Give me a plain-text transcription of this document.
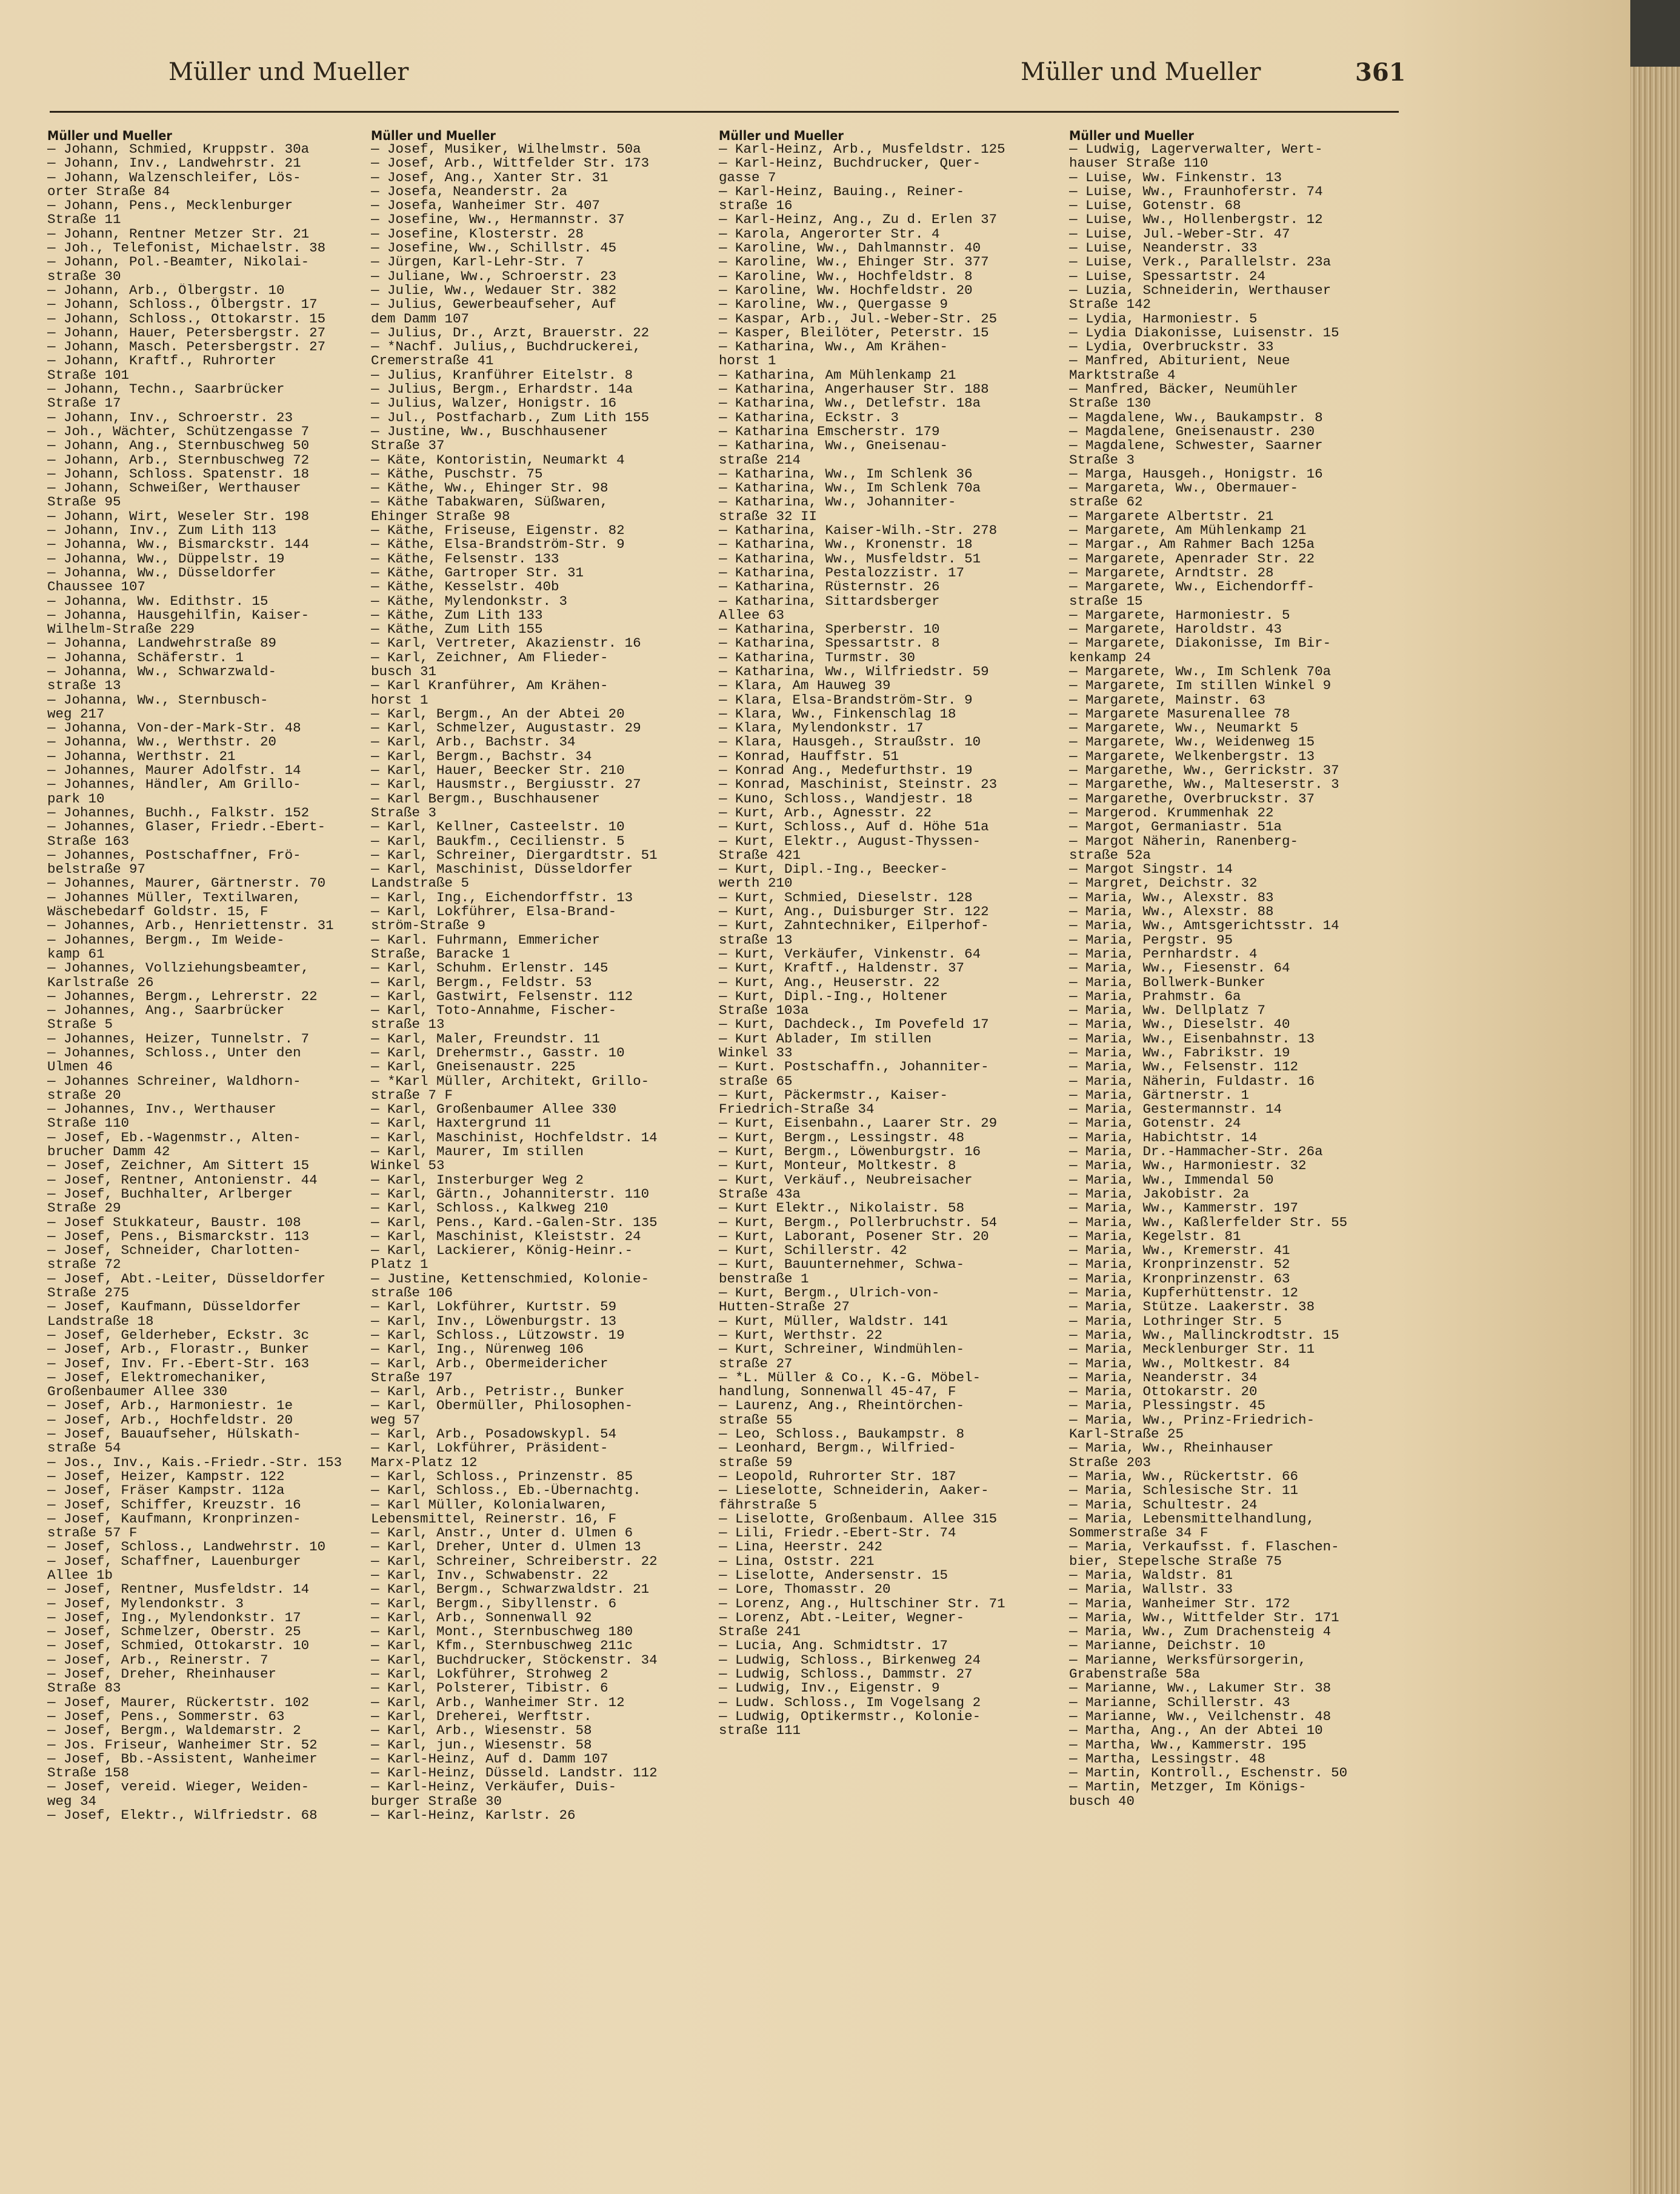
Müller und Mueller	Müller und Mueller	361
Müller und Mueller
— Johann, Schmied, Kruppstr. 30a
— Johann, Inv., Landwehrstr. 21
— Johann, Walzenschleifer, Lös-
orter Straße 84
— Johann, Pens., Mecklenburger
Straße 11
— Johann, Rentner Metzer Str. 21
— Joh., Telefonist, Michaelstr. 38
— Johann, Pol.-Beamter, Nikolai-
straße 30
— Johann, Arb., Ölbergstr. 10
— Johann, Schloss., Ölbergstr. 17
— Johann, Schloss., Ottokarstr. 15
— Johann, Hauer, Petersbergstr. 27
— Johann, Masch. Petersbergstr. 27
— Johann, Kraftf., Ruhrorter
Straße 101
— Johann, Techn., Saarbrücker
Straße 17
— Johann, Inv., Schroerstr. 23
— Joh., Wächter, Schützengasse 7
— Johann, Ang., Sternbuschweg 50
— Johann, Arb., Sternbuschweg 72
— Johann, Schloss. Spatenstr. 18
— Johann, Schweißer, Werthauser
Straße 95
— Johann, Wirt, Weseler Str. 198
— Johann, Inv., Zum Lith 113
— Johanna, Ww., Bismarckstr. 144
— Johanna, Ww., Düppelstr. 19
— Johanna, Ww., Düsseldorfer
Chaussee 107
— Johanna, Ww. Edithstr. 15
— Johanna, Hausgehilfin, Kaiser-
Wilhelm-Straße 229
— Johanna, Landwehrstraße 89
— Johanna, Schäferstr. 1
— Johanna, Ww., Schwarzwald-
straße 13
— Johanna, Ww., Sternbusch-
weg 217
— Johanna, Von-der-Mark-Str. 48
— Johanna, Ww., Werthstr. 20
— Johanna, Werthstr. 21
— Johannes, Maurer Adolfstr. 14
— Johannes, Händler, Am Grillo-
park 10
— Johannes, Buchh., Falkstr. 152
— Johannes, Glaser, Friedr.-Ebert-
Straße 163
— Johannes, Postschaffner, Frö-
belstraße 97
— Johannes, Maurer, Gärtnerstr. 70
— Johannes Müller, Textilwaren,
Wäschebedarf Goldstr. 15, F
— Johannes, Arb., Henriettenstr. 31
— Johannes, Bergm., Im Weide-
kamp 61
— Johannes, Vollziehungsbeamter,
Karlstraße 26
— Johannes, Bergm., Lehrerstr. 22
— Johannes, Ang., Saarbrücker
Straße 5
— Johannes, Heizer, Tunnelstr. 7
— Johannes, Schloss., Unter den
Ulmen 46
— Johannes Schreiner, Waldhorn-
straße 20
— Johannes, Inv., Werthauser
Straße 110
— Josef, Eb.-Wagenmstr., Alten-
brucher Damm 42
— Josef, Zeichner, Am Sittert 15
— Josef, Rentner, Antonienstr. 44
— Josef, Buchhalter, Arlberger
Straße 29
— Josef Stukkateur, Baustr. 108
— Josef, Pens., Bismarckstr. 113
— Josef, Schneider, Charlotten-
straße 72
— Josef, Abt.-Leiter, Düsseldorfer
Straße 275
— Josef, Kaufmann, Düsseldorfer
Landstraße 18
— Josef, Gelderheber, Eckstr. 3c
— Josef, Arb., Florastr., Bunker
— Josef, Inv. Fr.-Ebert-Str. 163
— Josef, Elektromechaniker,
Großenbaumer Allee 330
— Josef, Arb., Harmoniestr. 1e
— Josef, Arb., Hochfeldstr. 20
— Josef, Bauaufseher, Hülskath-
straße 54
— Jos., Inv., Kais.-Friedr.-Str. 153
— Josef, Heizer, Kampstr. 122
— Josef, Fräser Kampstr. 112a
— Josef, Schiffer, Kreuzstr. 16
— Josef, Kaufmann, Kronprinzen-
straße 57 F
— Josef, Schloss., Landwehrstr. 10
— Josef, Schaffner, Lauenburger
Allee 1b
— Josef, Rentner, Musfeldstr. 14
— Josef, Mylendonkstr. 3
— Josef, Ing., Mylendonkstr. 17
— Josef, Schmelzer, Oberstr. 25
— Josef, Schmied, Ottokarstr. 10
— Josef, Arb., Reinerstr. 7
— Josef, Dreher, Rheinhauser
Straße 83
— Josef, Maurer, Rückertstr. 102
— Josef, Pens., Sommerstr. 63
— Josef, Bergm., Waldemarstr. 2
— Jos. Friseur, Wanheimer Str. 52
— Josef, Bb.-Assistent, Wanheimer
Straße 158
— Josef, vereid. Wieger, Weiden-
weg 34
— Josef, Elektr., Wilfriedstr. 68
Müller und Mueller
— Josef, Musiker, Wilhelmstr. 50a
— Josef, Arb., Wittfelder Str. 173
— Josef, Ang., Xanter Str. 31
— Josefa, Neanderstr. 2a
— Josefa, Wanheimer Str. 407
— Josefine, Ww., Hermannstr. 37
— Josefine, Klosterstr. 28
— Josefine, Ww., Schillstr. 45
— Jürgen, Karl-Lehr-Str. 7
— Juliane, Ww., Schroerstr. 23
— Julie, Ww., Wedauer Str. 382
— Julius, Gewerbeaufseher, Auf
dem Damm 107
— Julius, Dr., Arzt, Brauerstr. 22
— *Nachf. Julius,, Buchdruckerei,
Cremerstraße 41
— Julius, Kranführer Eitelstr. 8
— Julius, Bergm., Erhardstr. 14a
— Julius, Walzer, Honigstr. 16
— Jul., Postfacharb., Zum Lith 155
— Justine, Ww., Buschhausener
Straße 37
— Käte, Kontoristin, Neumarkt 4
— Käthe, Puschstr. 75
— Käthe, Ww., Ehinger Str. 98
— Käthe Tabakwaren, Süßwaren,
Ehinger Straße 98
— Käthe, Friseuse, Eigenstr. 82
— Käthe, Elsa-Brandström-Str. 9
— Käthe, Felsenstr. 133
— Käthe, Gartroper Str. 31
— Käthe, Kesselstr. 40b
— Käthe, Mylendonkstr. 3
— Käthe, Zum Lith 133
— Käthe, Zum Lith 155
— Karl, Vertreter, Akazienstr. 16
— Karl, Zeichner, Am Flieder-
busch 31
— Karl Kranführer, Am Krähen-
horst 1
— Karl, Bergm., An der Abtei 20
— Karl, Schmelzer, Augustastr. 29
— Karl, Arb., Bachstr. 34
— Karl, Bergm., Bachstr. 34
— Karl, Hauer, Beecker Str. 210
— Karl, Hausmstr., Bergiusstr. 27
— Karl Bergm., Buschhausener
Straße 3
— Karl, Kellner, Casteelstr. 10
— Karl, Baukfm., Cecilienstr. 5
— Karl, Schreiner, Diergardtstr. 51
— Karl, Maschinist, Düsseldorfer
Landstraße 5
— Karl, Ing., Eichendorffstr. 13
— Karl, Lokführer, Elsa-Brand-
ström-Straße 9
— Karl. Fuhrmann, Emmericher
Straße, Baracke 1
— Karl, Schuhm. Erlenstr. 145
— Karl, Bergm., Feldstr. 53
— Karl, Gastwirt, Felsenstr. 112
— Karl, Toto-Annahme, Fischer-
straße 13
— Karl, Maler, Freundstr. 11
— Karl, Drehermstr., Gasstr. 10
— Karl, Gneisenaustr. 225
— *Karl Müller, Architekt, Grillo-
straße 7 F
— Karl, Großenbaumer Allee 330
— Karl, Haxtergrund 11
— Karl, Maschinist, Hochfeldstr. 14
— Karl, Maurer, Im stillen
Winkel 53
— Karl, Insterburger Weg 2
— Karl, Gärtn., Johanniterstr. 110
— Karl, Schloss., Kalkweg 210
— Karl, Pens., Kard.-Galen-Str. 135
— Karl, Maschinist, Kleiststr. 24
— Karl, Lackierer, König-Heinr.-
Platz 1
— Justine, Kettenschmied, Kolonie-
straße 106
— Karl, Lokführer, Kurtstr. 59
— Karl, Inv., Löwenburgstr. 13
— Karl, Schloss., Lützowstr. 19
— Karl, Ing., Nürenweg 106
— Karl, Arb., Obermeidericher
Straße 197
— Karl, Arb., Petristr., Bunker
— Karl, Obermüller, Philosophen-
weg 57
— Karl, Arb., Posadowskypl. 54
— Karl, Lokführer, Präsident-
Marx-Platz 12
— Karl, Schloss., Prinzenstr. 85
— Karl, Schloss., Eb.-Übernachtg.
— Karl Müller, Kolonialwaren,
Lebensmittel, Reinerstr. 16, F
— Karl, Anstr., Unter d. Ulmen 6
— Karl, Dreher, Unter d. Ulmen 13
— Karl, Schreiner, Schreiberstr. 22
— Karl, Inv., Schwabenstr. 22
— Karl, Bergm., Schwarzwaldstr. 21
— Karl, Bergm., Sibyllenstr. 6
— Karl, Arb., Sonnenwall 92
— Karl, Mont., Sternbuschweg 180
— Karl, Kfm., Sternbuschweg 211c
— Karl, Buchdrucker, Stöckenstr. 34
— Karl, Lokführer, Strohweg 2
— Karl, Polsterer, Tibistr. 6
— Karl, Arb., Wanheimer Str. 12
— Karl, Dreherei, Werftstr.
— Karl, Arb., Wiesenstr. 58
— Karl, jun., Wiesenstr. 58
— Karl-Heinz, Auf d. Damm 107
— Karl-Heinz, Düsseld. Landstr. 112
— Karl-Heinz, Verkäufer, Duis-
burger Straße 30
— Karl-Heinz, Karlstr. 26
Müller und Mueller
— Karl-Heinz, Arb., Musfeldstr. 125
— Karl-Heinz, Buchdrucker, Quer-
gasse 7
— Karl-Heinz, Bauing., Reiner-
straße 16
— Karl-Heinz, Ang., Zu d. Erlen 37
— Karola, Angerorter Str. 4
— Karoline, Ww., Dahlmannstr. 40
— Karoline, Ww., Ehinger Str. 377
— Karoline, Ww., Hochfeldstr. 8
— Karoline, Ww. Hochfeldstr. 20
— Karoline, Ww., Quergasse 9
— Kaspar, Arb., Jul.-Weber-Str. 25
— Kasper, Bleilöter, Peterstr. 15
— Katharina, Ww., Am Krähen-
horst 1
— Katharina, Am Mühlenkamp 21
— Katharina, Angerhauser Str. 188
— Katharina, Ww., Detlefstr. 18a
— Katharina, Eckstr. 3
— Katharina Emscherstr. 179
— Katharina, Ww., Gneisenau-
straße 214
— Katharina, Ww., Im Schlenk 36
— Katharina, Ww., Im Schlenk 70a
— Katharina, Ww., Johanniter-
straße 32 II
— Katharina, Kaiser-Wilh.-Str. 278
— Katharina, Ww., Kronenstr. 18
— Katharina, Ww., Musfeldstr. 51
— Katharina, Pestalozzistr. 17
— Katharina, Rüsternstr. 26
— Katharina, Sittardsberger
Allee 63
— Katharina, Sperberstr. 10
— Katharina, Spessartstr. 8
— Katharina, Turmstr. 30
— Katharina, Ww., Wilfriedstr. 59
— Klara, Am Hauweg 39
— Klara, Elsa-Brandström-Str. 9
— Klara, Ww., Finkenschlag 18
— Klara, Mylendonkstr. 17
— Klara, Hausgeh., Straußstr. 10
— Konrad, Hauffstr. 51
— Konrad Ang., Medefurthstr. 19
— Konrad, Maschinist, Steinstr. 23
— Kuno, Schloss., Wandjestr. 18
— Kurt, Arb., Agnesstr. 22
— Kurt, Schloss., Auf d. Höhe 51a
— Kurt, Elektr., August-Thyssen-
Straße 421
— Kurt, Dipl.-Ing., Beecker-
werth 210
— Kurt, Schmied, Dieselstr. 128
— Kurt, Ang., Duisburger Str. 122
— Kurt, Zahntechniker, Eilperhof-
straße 13
— Kurt, Verkäufer, Vinkenstr. 64
— Kurt, Kraftf., Haldenstr. 37
— Kurt, Ang., Heuserstr. 22
— Kurt, Dipl.-Ing., Holtener
Straße 103a
— Kurt, Dachdeck., Im Povefeld 17
— Kurt Ablader, Im stillen
Winkel 33
— Kurt. Postschaffn., Johanniter-
straße 65
— Kurt, Päckermstr., Kaiser-
Friedrich-Straße 34
— Kurt, Eisenbahn., Laarer Str. 29
— Kurt, Bergm., Lessingstr. 48
— Kurt, Bergm., Löwenburgstr. 16
— Kurt, Monteur, Moltkestr. 8
— Kurt, Verkäuf., Neubreisacher
Straße 43a
— Kurt Elektr., Nikolaistr. 58
— Kurt, Bergm., Pollerbruchstr. 54
— Kurt, Laborant, Posener Str. 20
— Kurt, Schillerstr. 42
— Kurt, Bauunternehmer, Schwa-
benstraße 1
— Kurt, Bergm., Ulrich-von-
Hutten-Straße 27
— Kurt, Müller, Waldstr. 141
— Kurt, Werthstr. 22
— Kurt, Schreiner, Windmühlen-
straße 27
— *L. Müller & Co., K.-G. Möbel-
handlung, Sonnenwall 45-47, F
— Laurenz, Ang., Rheintörchen-
straße 55
— Leo, Schloss., Baukampstr. 8
— Leonhard, Bergm., Wilfried-
straße 59
— Leopold, Ruhrorter Str. 187
— Lieselotte, Schneiderin, Aaker-
fährstraße 5
— Liselotte, Großenbaum. Allee 315
— Lili, Friedr.-Ebert-Str. 74
— Lina, Heerstr. 242
— Lina, Oststr. 221
— Liselotte, Andersenstr. 15
— Lore, Thomasstr. 20
— Lorenz, Ang., Hultschiner Str. 71
— Lorenz, Abt.-Leiter, Wegner-
Straße 241
— Lucia, Ang. Schmidtstr. 17
— Ludwig, Schloss., Birkenweg 24
— Ludwig, Schloss., Dammstr. 27
— Ludwig, Inv., Eigenstr. 9
— Ludw. Schloss., Im Vogelsang 2
— Ludwig, Optikermstr., Kolonie-
straße 111
Müller und Mueller
— Ludwig, Lagerverwalter, Wert-
hauser Straße 110
— Luise, Ww. Finkenstr. 13
— Luise, Ww., Fraunhoferstr. 74
— Luise, Gotenstr. 68
— Luise, Ww., Hollenbergstr. 12
— Luise, Jul.-Weber-Str. 47
— Luise, Neanderstr. 33
— Luise, Verk., Parallelstr. 23a
— Luise, Spessartstr. 24
— Luzia, Schneiderin, Werthauser
Straße 142
— Lydia, Harmoniestr. 5
— Lydia Diakonisse, Luisenstr. 15
— Lydia, Overbruckstr. 33
— Manfred, Abiturient, Neue
Marktstraße 4
— Manfred, Bäcker, Neumühler
Straße 130
— Magdalene, Ww., Baukampstr. 8
— Magdalene, Gneisenaustr. 230
— Magdalene, Schwester, Saarner
Straße 3
— Marga, Hausgeh., Honigstr. 16
— Margareta, Ww., Obermauer-
straße 62
— Margarete Albertstr. 21
— Margarete, Am Mühlenkamp 21
— Margar., Am Rahmer Bach 125a
— Margarete, Apenrader Str. 22
— Margarete, Arndtstr. 28
— Margarete, Ww., Eichendorff-
straße 15
— Margarete, Harmoniestr. 5
— Margarete, Haroldstr. 43
— Margarete, Diakonisse, Im Bir-
kenkamp 24
— Margarete, Ww., Im Schlenk 70a
— Margarete, Im stillen Winkel 9
— Margarete, Mainstr. 63
— Margarete Masurenallee 78
— Margarete, Ww., Neumarkt 5
— Margarete, Ww., Weidenweg 15
— Margarete, Welkenbergstr. 13
— Margarethe, Ww., Gerrickstr. 37
— Margarethe, Ww., Malteserstr. 3
— Margarethe, Overbruckstr. 37
— Margerod. Krummenhak 22
— Margot, Germaniastr. 51a
— Margot Näherin, Ranenberg-
straße 52a
— Margot Singstr. 14
— Margret, Deichstr. 32
— Maria, Ww., Alexstr. 83
— Maria, Ww., Alexstr. 88
— Maria, Ww., Amtsgerichtsstr. 14
— Maria, Pergstr. 95
— Maria, Pernhardstr. 4
— Maria, Ww., Fiesenstr. 64
— Maria, Bollwerk-Bunker
— Maria, Prahmstr. 6a
— Maria, Ww. Dellplatz 7
— Maria, Ww., Dieselstr. 40
— Maria, Ww., Eisenbahnstr. 13
— Maria, Ww., Fabrikstr. 19
— Maria, Ww., Felsenstr. 112
— Maria, Näherin, Fuldastr. 16
— Maria, Gärtnerstr. 1
— Maria, Gestermannstr. 14
— Maria, Gotenstr. 24
— Maria, Habichtstr. 14
— Maria, Dr.-Hammacher-Str. 26a
— Maria, Ww., Harmoniestr. 32
— Maria, Ww., Immendal 50
— Maria, Jakobistr. 2a
— Maria, Ww., Kammerstr. 197
— Maria, Ww., Kaßlerfelder Str. 55
— Maria, Kegelstr. 81
— Maria, Ww., Kremerstr. 41
— Maria, Kronprinzenstr. 52
— Maria, Kronprinzenstr. 63
— Maria, Kupferhüttenstr. 12
— Maria, Stütze. Laakerstr. 38
— Maria, Lothringer Str. 5
— Maria, Ww., Mallinckrodtstr. 15
— Maria, Mecklenburger Str. 11
— Maria, Ww., Moltkestr. 84
— Maria, Neanderstr. 34
— Maria, Ottokarstr. 20
— Maria, Plessingstr. 45
— Maria, Ww., Prinz-Friedrich-
Karl-Straße 25
— Maria, Ww., Rheinhauser
Straße 203
— Maria, Ww., Rückertstr. 66
— Maria, Schlesische Str. 11
— Maria, Schultestr. 24
— Maria, Lebensmittelhandlung,
Sommerstraße 34 F
— Maria, Verkaufsst. f. Flaschen-
bier, Stepelsche Straße 75
— Maria, Waldstr. 81
— Maria, Wallstr. 33
— Maria, Wanheimer Str. 172
— Maria, Ww., Wittfelder Str. 171
— Maria, Ww., Zum Drachensteig 4
— Marianne, Deichstr. 10
— Marianne, Werksfürsorgerin,
Grabenstraße 58a
— Marianne, Ww., Lakumer Str. 38
— Marianne, Schillerstr. 43
— Marianne, Ww., Veilchenstr. 48
— Martha, Ang., An der Abtei 10
— Martha, Ww., Kammerstr. 195
— Martha, Lessingstr. 48
— Martin, Kontroll., Eschenstr. 50
— Martin, Metzger, Im Königs-
busch 40
